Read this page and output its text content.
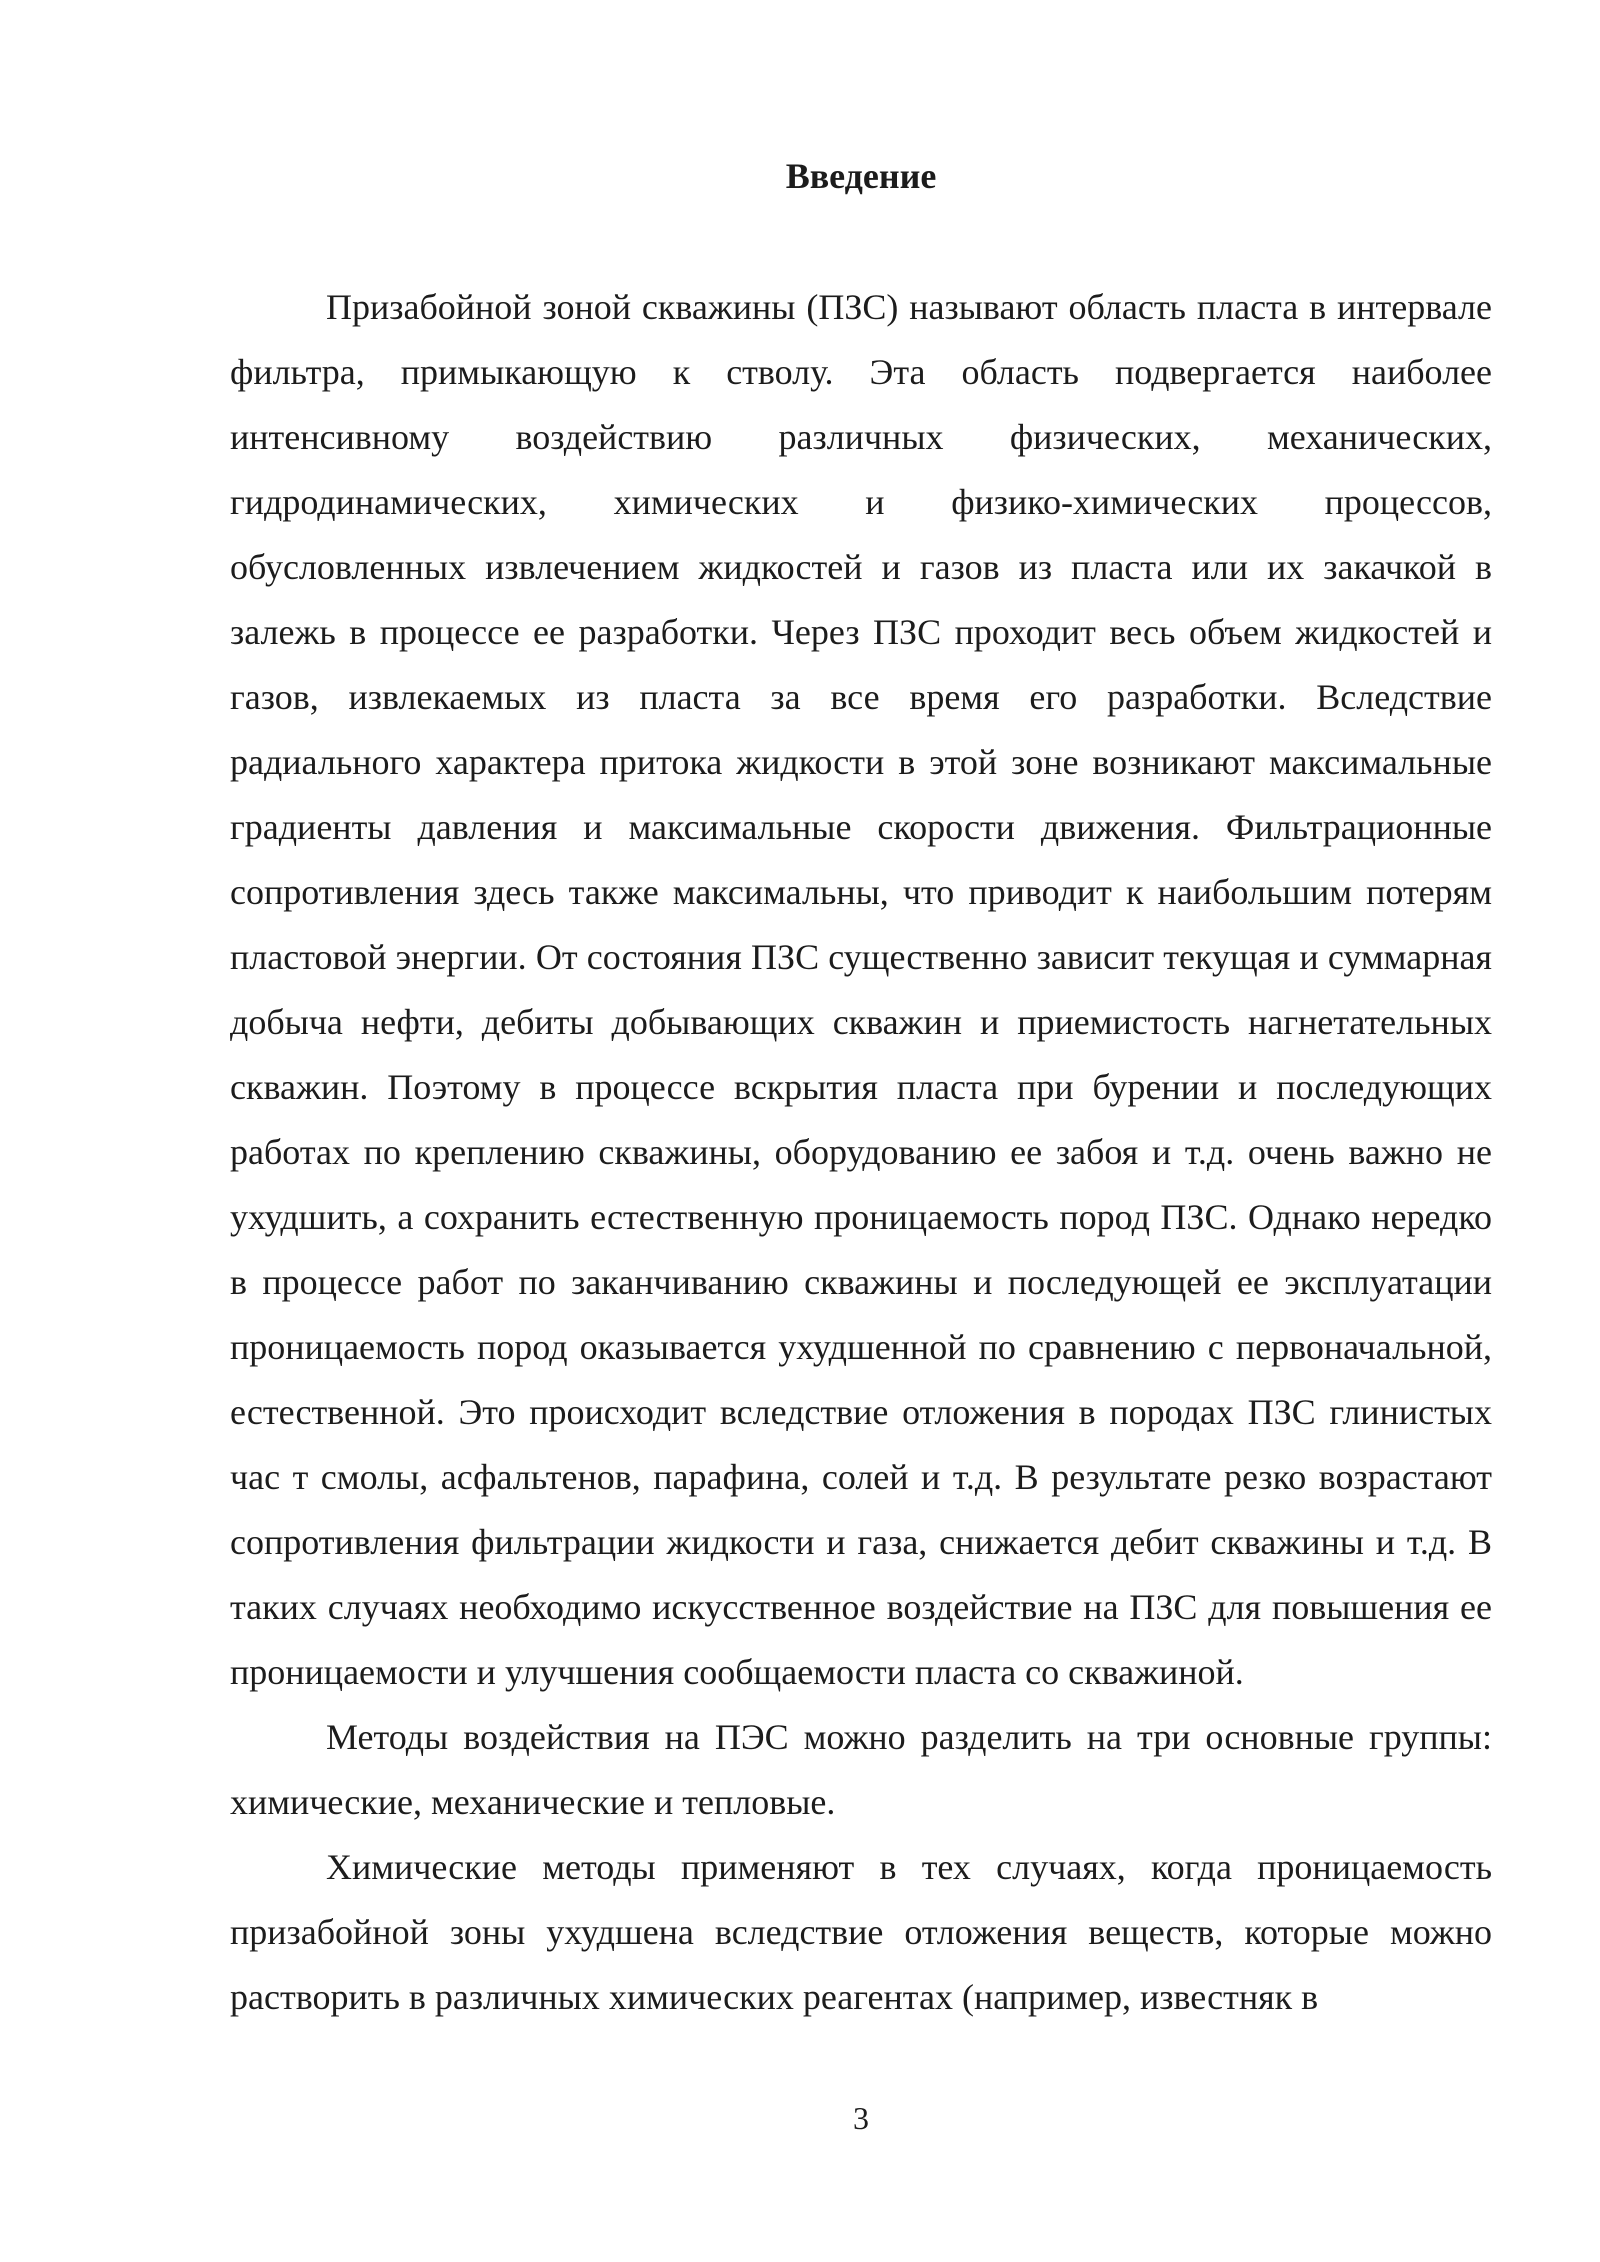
Введение

Призабойной зоной скважины (ПЗС) называют область пласта в интервале фильтра, примыкающую к стволу. Эта область подвергается наиболее интенсивному воздействию различных физических, механических, гидродинамических, химических и физико-химических процессов, обусловленных извлечением жидкостей и газов из пласта или их закачкой в залежь в процессе ее разработки. Через ПЗС проходит весь объем жидкостей и газов, извлекаемых из пласта за все время его разработки. Вследствие радиального характера притока жидкости в этой зоне возникают максимальные градиенты давления и максимальные скорости движения. Фильтрационные сопротивления здесь также максимальны, что приводит к наибольшим потерям пластовой энергии. От состояния ПЗС существенно зависит текущая и суммарная добыча нефти, дебиты добывающих скважин и приемистость нагнетательных скважин. Поэтому в процессе вскрытия пласта при бурении и последующих работах по креплению скважины, оборудованию ее забоя и т.д. очень важно не ухудшить, а сохранить естественную проницаемость пород ПЗС. Однако нередко в процессе работ по заканчиванию скважины и последующей ее эксплуатации проницаемость пород оказывается ухудшенной по сравнению с первоначальной, естественной. Это происходит вследствие отложения в породах ПЗС глинистых час т смолы, асфальтенов, парафина, солей и т.д. В результате резко возрастают сопротивления фильтрации жидкости и газа, снижается дебит скважины и т.д. В таких случаях необходимо искусственное воздействие на ПЗС для повышения ее проницаемости и улучшения сообщаемости пласта со скважиной.

Методы воздействия на ПЭС можно разделить на три основные группы: химические, механические и тепловые.

Химические методы применяют в тех случаях, когда проницаемость призабойной зоны ухудшена вследствие отложения веществ, которые можно растворить в различных химических реагентах (например, известняк в

3
